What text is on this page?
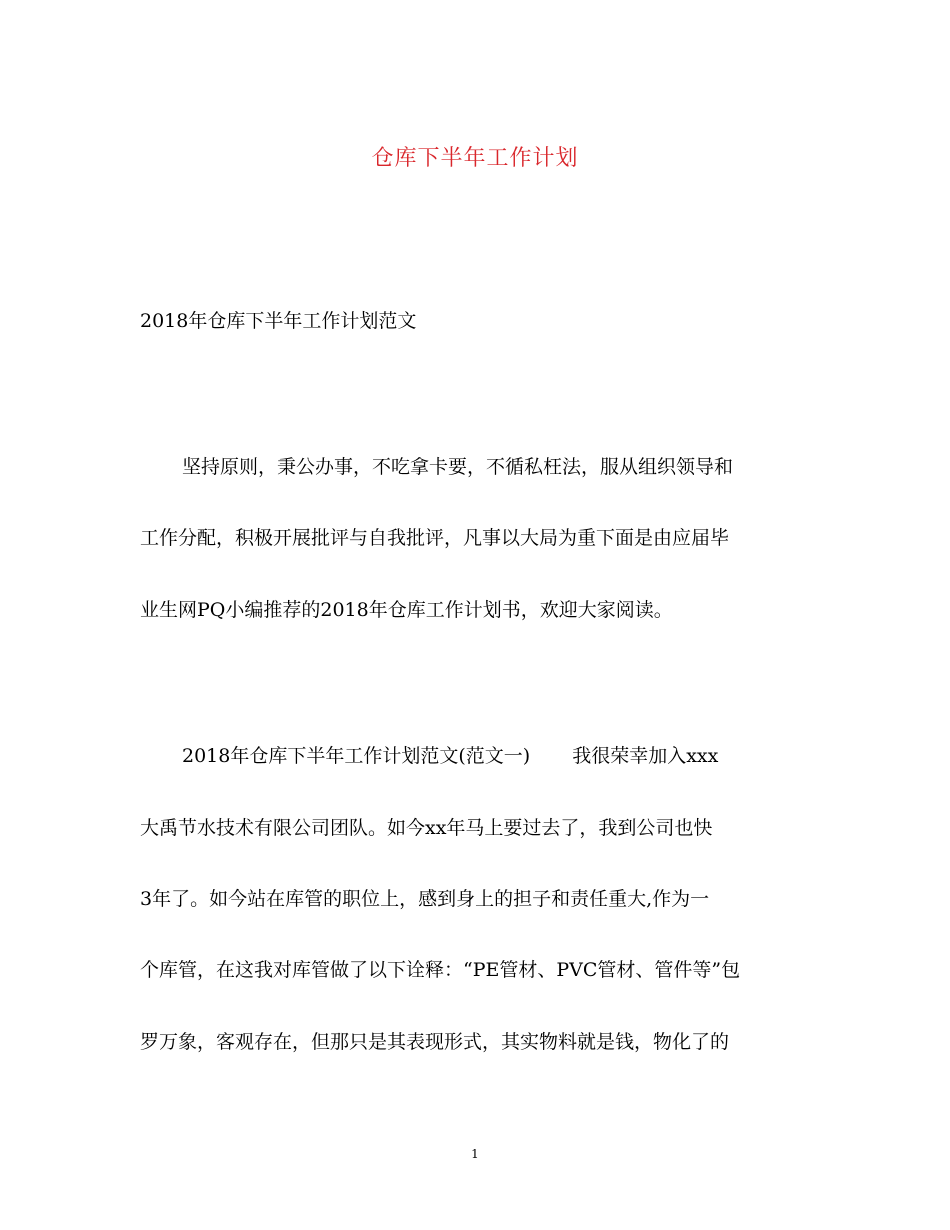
仓库下半年工作计划
2018年仓库下半年工作计划范文
坚持原则，秉公办事，不吃拿卡要，不循私枉法，服从组织领导和
工作分配，积极开展批评与自我批评，凡事以大局为重下面是由应届毕
业生网PQ小编推荐的2018年仓库工作计划书，欢迎大家阅读。
2018年仓库下半年工作计划范文(范文一) 我很荣幸加入xxx
大禹节水技术有限公司团队。如今xx年马上要过去了，我到公司也快
3年了。如今站在库管的职位上，感到身上的担子和责任重大,作为一
个库管，在这我对库管做了以下诠释：“PE管材、PVC管材、管件等”包
罗万象，客观存在，但那只是其表现形式，其实物料就是钱，物化了的
1
